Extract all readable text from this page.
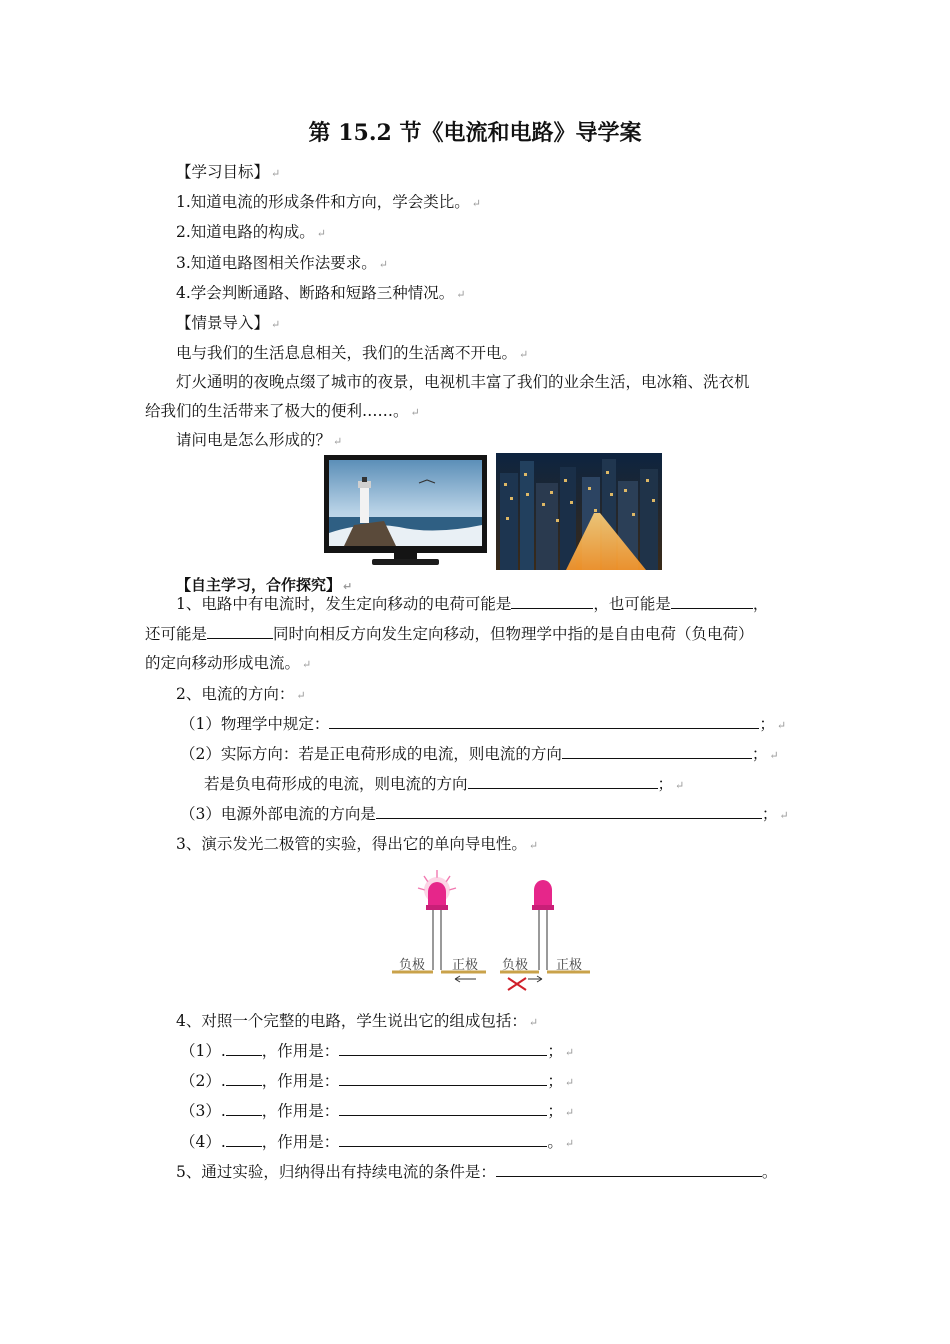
第 15.2 节《电流和电路》导学案
【学习目标】 ↵
1.知道电流的形成条件和方向，学会类比。 ↵
2.知道电路的构成。 ↵
3.知道电路图相关作法要求。 ↵
4.学会判断通路、断路和短路三种情况。 ↵
【情景导入】 ↵
电与我们的生活息息相关，我们的生活离不开电。 ↵
灯火通明的夜晚点缀了城市的夜景，电视机丰富了我们的业余生活，电冰箱、洗衣机
给我们的生活带来了极大的便利……。 ↵
请问电是怎么形成的？ ↵
【自主学习，合作探究】 ↵
1、电路中有电流时，发生定向移动的电荷可能是	，也可能是	，
还可能是	同时向相反方向发生定向移动，但物理学中指的是自由电荷（负电荷）
的定向移动形成电流。 ↵
2、电流的方向： ↵
（1）物理学中规定：	； ↵
（2）实际方向：若是正电荷形成的电流，则电流的方向	； ↵
若是负电荷形成的电流，则电流的方向	； ↵
（3）电源外部电流的方向是	； ↵
3、演示发光二极管的实验，得出它的单向导电性。 ↵
负极 正极 负极 正极
4、对照一个完整的电路，学生说出它的组成包括： ↵
（1）. ，作用是：	； ↵
（2）. ，作用是：	； ↵
（3）. ，作用是：	； ↵
（4）. ，作用是：	。 ↵
5、通过实验，归纳得出有持续电流的条件是：	。
